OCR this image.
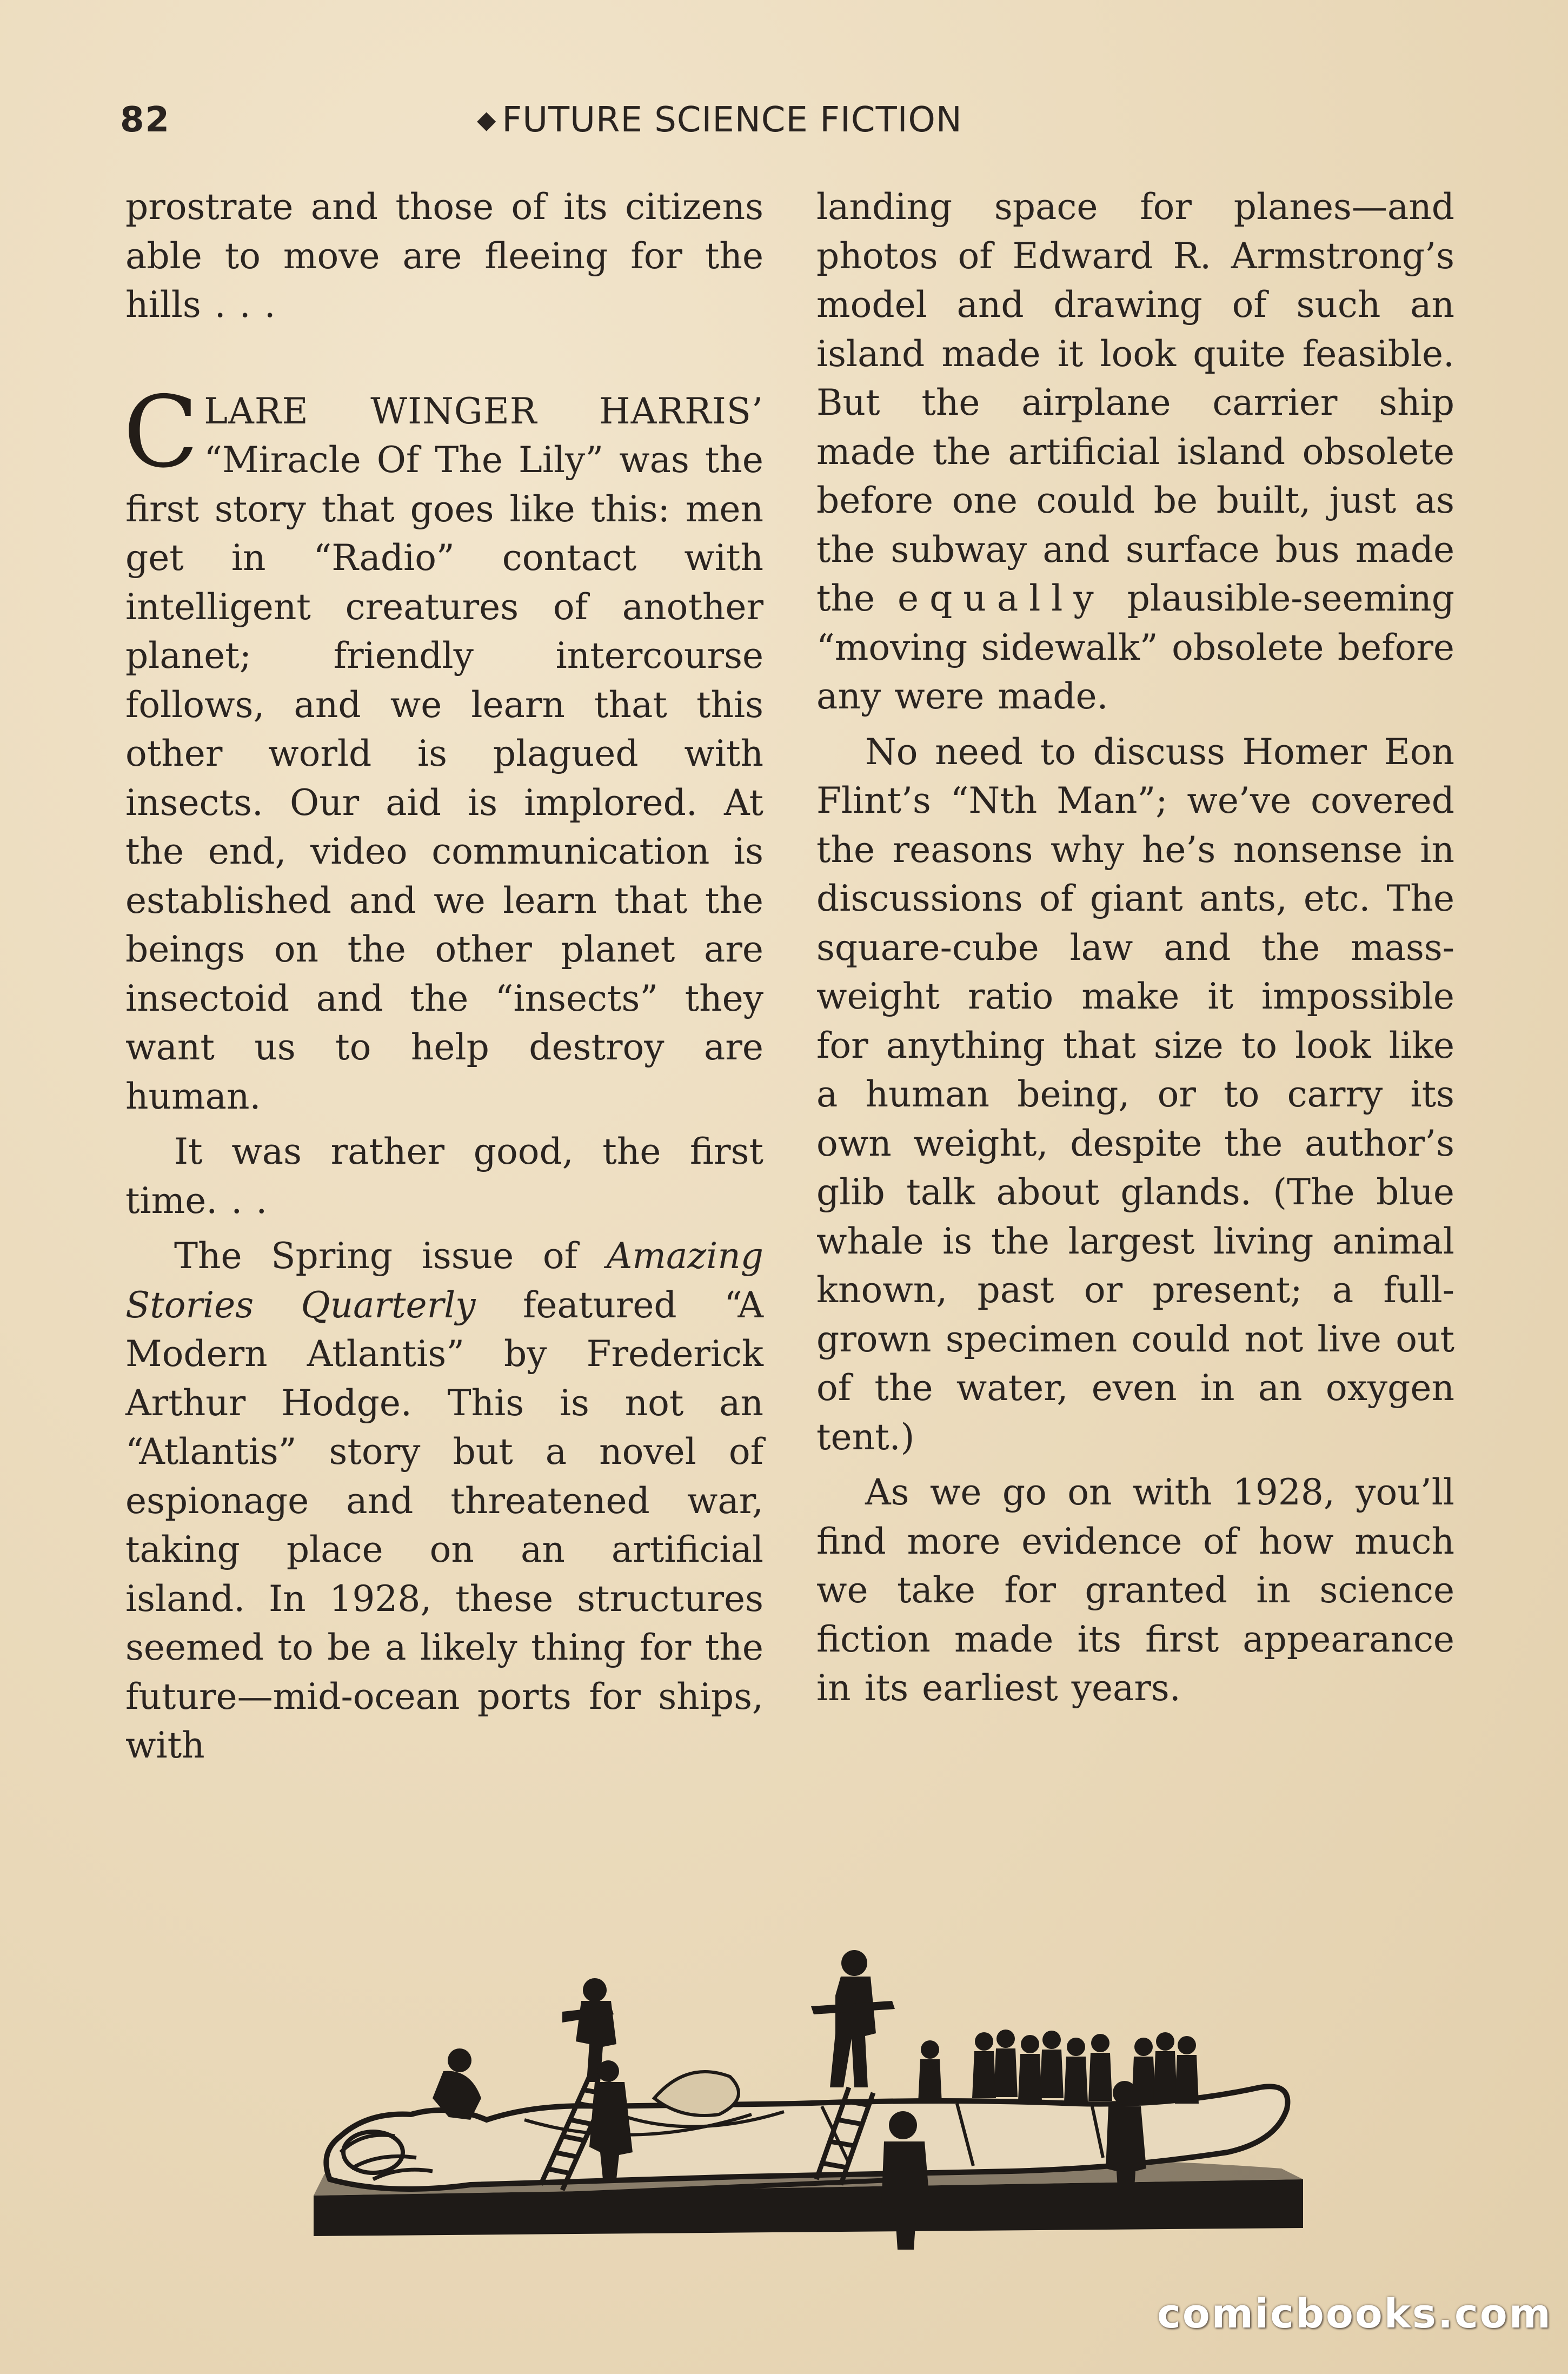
82	◆ FUTURE SCIENCE FICTION

prostrate and those of its citizens able to move are fleeing for the hills . . .

CLARE WINGER HARRIS’ “Miracle Of The Lily” was the first story that goes like this: men get in “Radio” contact with intelligent creatures of another planet; friendly intercourse follows, and we learn that this other world is plagued with insects. Our aid is implored. At the end, video communication is established and we learn that the beings on the other planet are insectoid and the “insects” they want us to help destroy are human.

It was rather good, the first time. . .

The Spring issue of Amazing Stories Quarterly featured “A Modern Atlantis” by Frederick Arthur Hodge. This is not an “Atlantis” story but a novel of espionage and threatened war, taking place on an artificial island. In 1928, these structures seemed to be a likely thing for the future—mid-ocean ports for ships, with

landing space for planes—and photos of Edward R. Armstrong’s model and drawing of such an island made it look quite feasible. But the airplane carrier ship made the artificial island obsolete before one could be built, just as the subway and surface bus made the equally plausible-seeming “moving sidewalk” obsolete before any were made.

No need to discuss Homer Eon Flint’s “Nth Man”; we’ve covered the reasons why he’s nonsense in discussions of giant ants, etc. The square-cube law and the mass-weight ratio make it impossible for anything that size to look like a human being, or to carry its own weight, despite the author’s glib talk about glands. (The blue whale is the largest living animal known, past or present; a full-grown specimen could not live out of the water, even in an oxygen tent.)

As we go on with 1928, you’ll find more evidence of how much we take for granted in science fiction made its first appearance in its earliest years.

comicbooks.com
